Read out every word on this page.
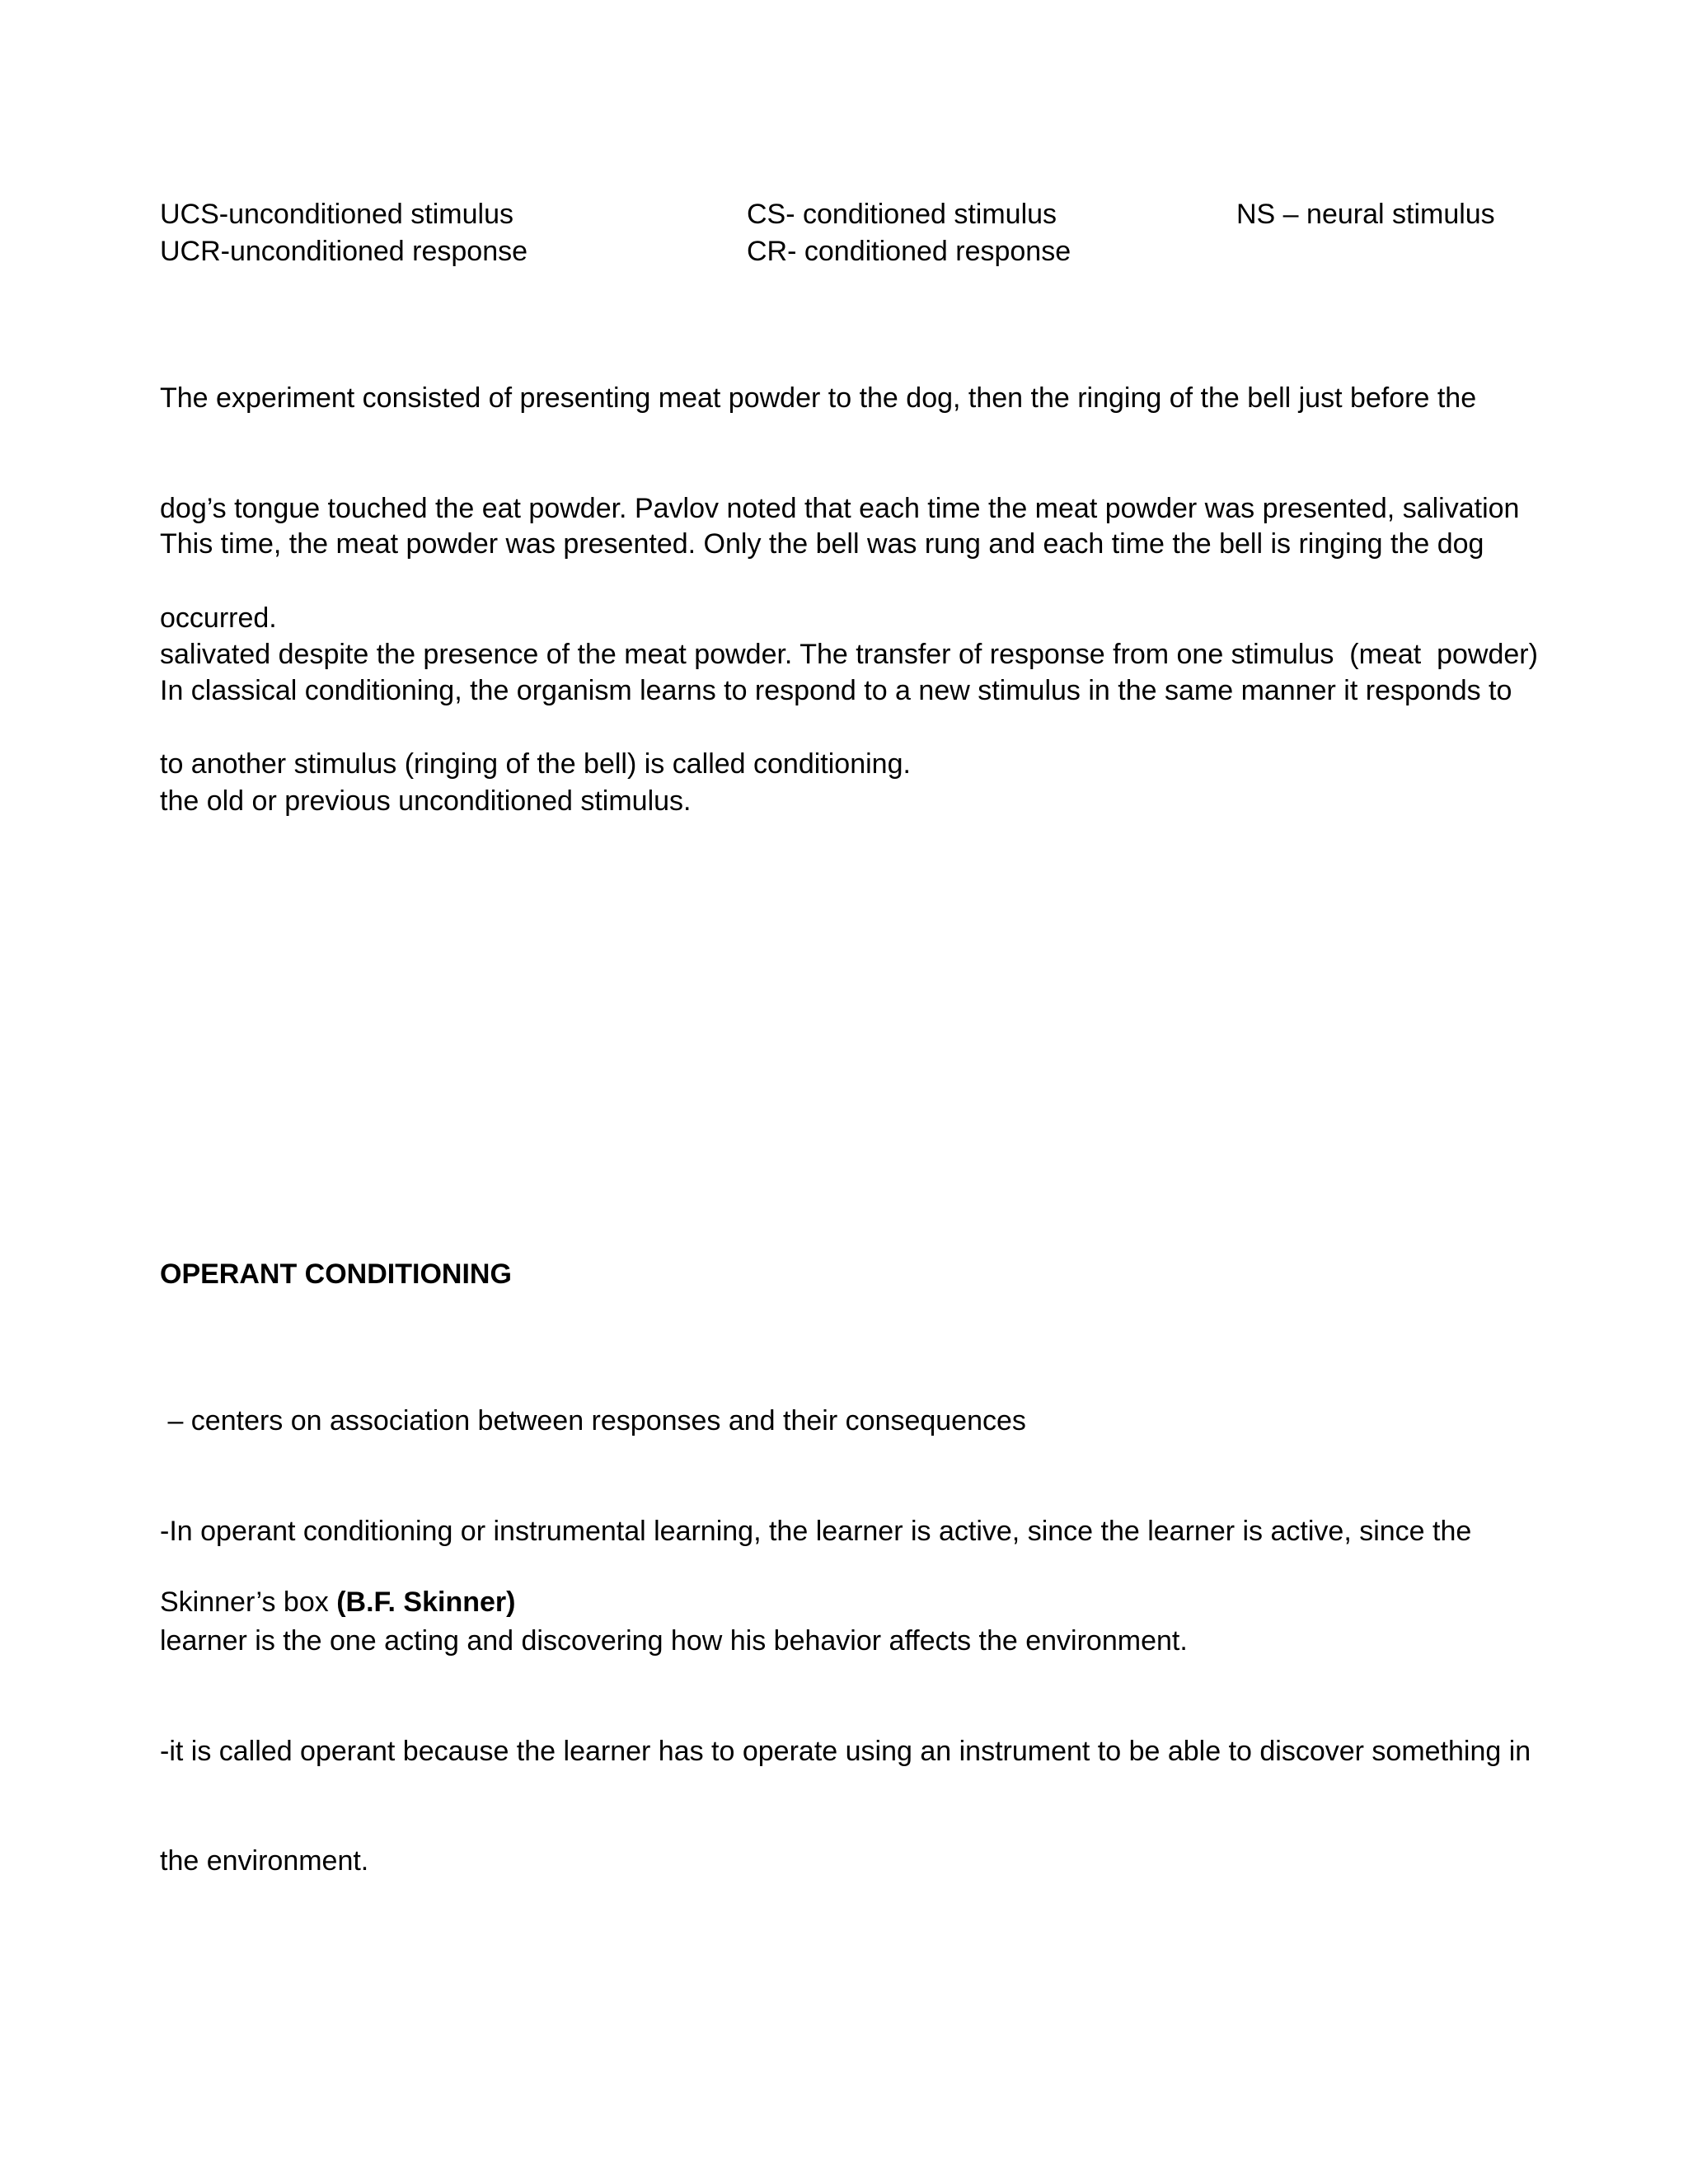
UCS-unconditioned stimulus
UCR-unconditioned response
CS- conditioned stimulus
CR- conditioned response
NS – neural stimulus

The experiment consisted of presenting meat powder to the dog, then the ringing of the bell just before the

dog’s tongue touched the eat powder. Pavlov noted that each time the meat powder was presented, salivation

occurred.

This time, the meat powder was presented. Only the bell was rung and each time the bell is ringing the dog

salivated despite the presence of the meat powder. The transfer of response from one stimulus  (meat  powder)

to another stimulus (ringing of the bell) is called conditioning.

In classical conditioning, the organism learns to respond to a new stimulus in the same manner it responds to

the old or previous unconditioned stimulus.

OPERANT CONDITIONING

– centers on association between responses and their consequences

-In operant conditioning or instrumental learning, the learner is active, since the learner is active, since the

learner is the one acting and discovering how his behavior affects the environment.

-it is called operant because the learner has to operate using an instrument to be able to discover something in

the environment.

Skinner’s box (B.F. Skinner)
